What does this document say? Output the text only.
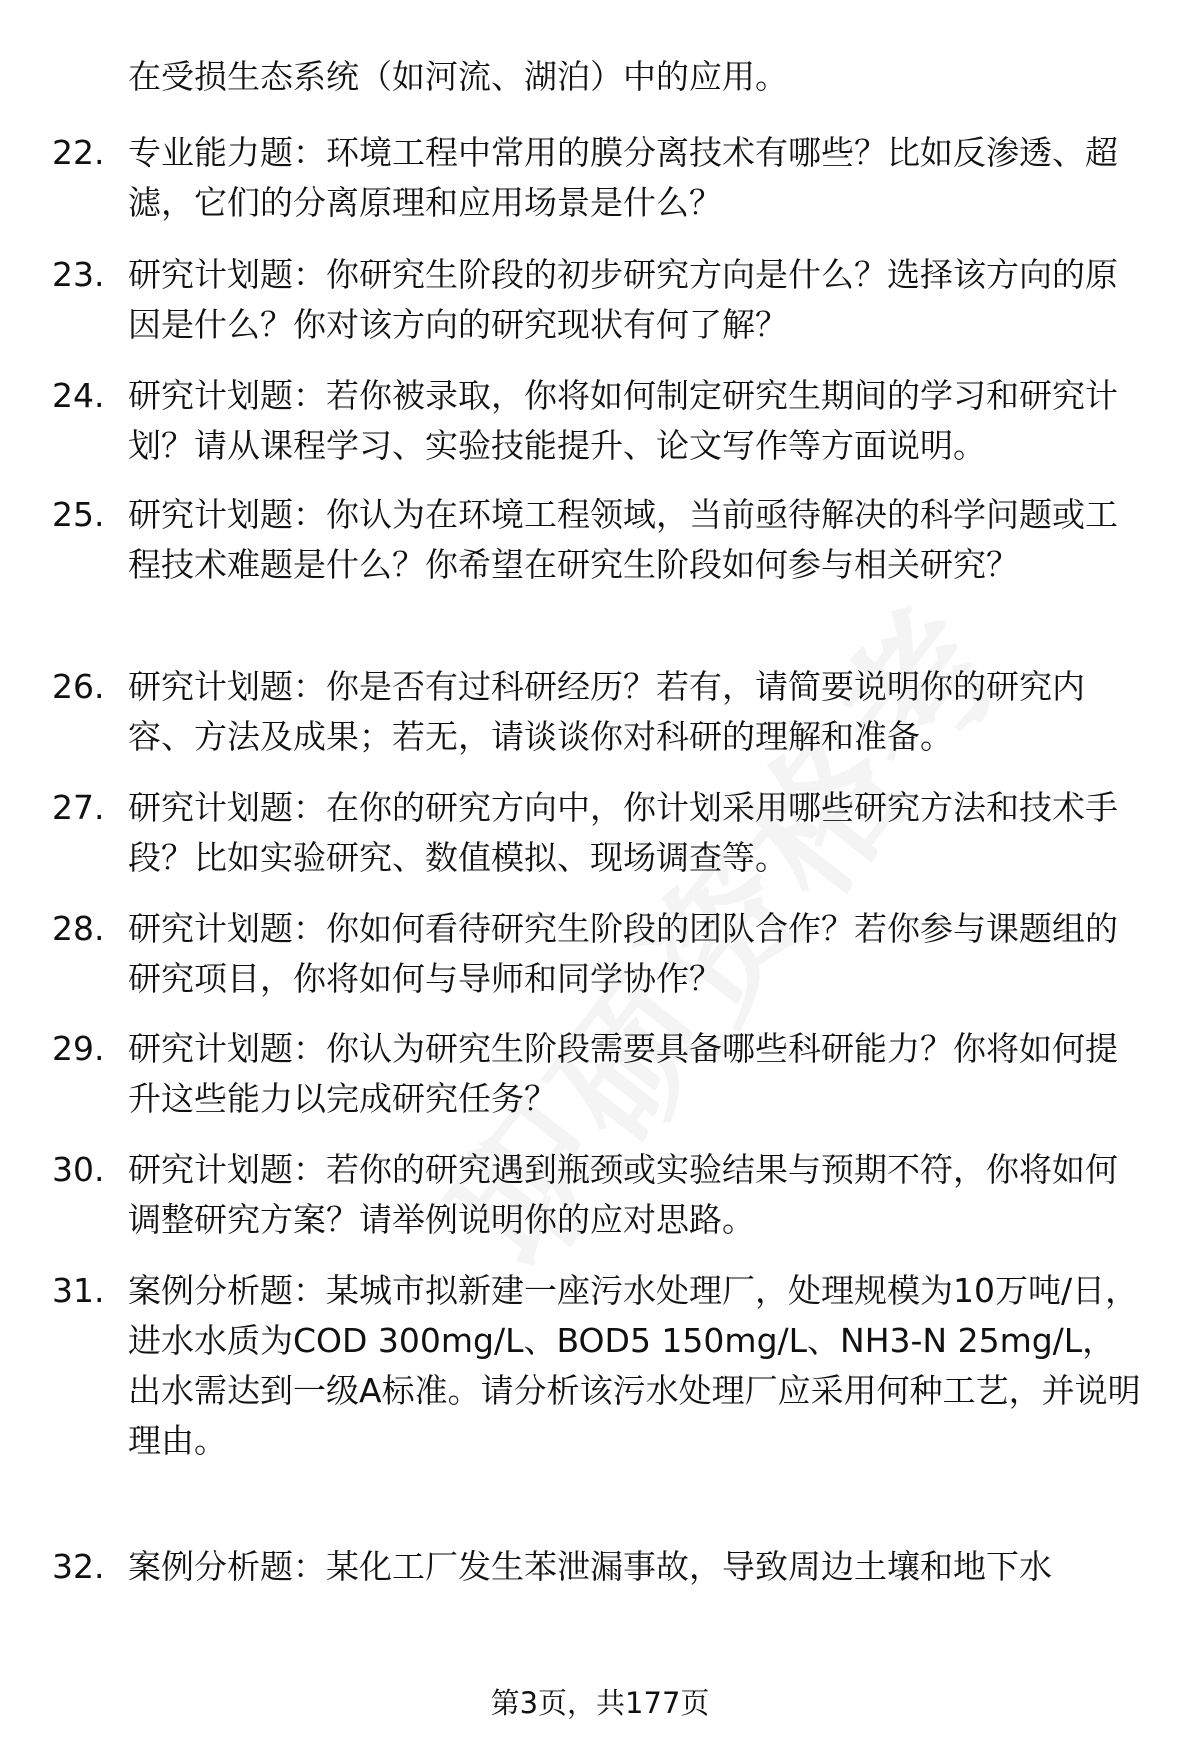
在受损生态系统（如河流、湖泊）中的应用。
22. 专业能力题：环境工程中常用的膜分离技术有哪些？比如反渗透、超滤，它们的分离原理和应用场景是什么？
23. 研究计划题：你研究生阶段的初步研究方向是什么？选择该方向的原因是什么？你对该方向的研究现状有何了解？
24. 研究计划题：若你被录取，你将如何制定研究生期间的学习和研究计划？请从课程学习、实验技能提升、论文写作等方面说明。
25. 研究计划题：你认为在环境工程领域，当前亟待解决的科学问题或工程技术难题是什么？你希望在研究生阶段如何参与相关研究？
26. 研究计划题：你是否有过科研经历？若有，请简要说明你的研究内容、方法及成果；若无，请谈谈你对科研的理解和准备。
27. 研究计划题：在你的研究方向中，你计划采用哪些研究方法和技术手段？比如实验研究、数值模拟、现场调查等。
28. 研究计划题：你如何看待研究生阶段的团队合作？若你参与课题组的研究项目，你将如何与导师和同学协作？
29. 研究计划题：你认为研究生阶段需要具备哪些科研能力？你将如何提升这些能力以完成研究任务？
30. 研究计划题：若你的研究遇到瓶颈或实验结果与预期不符，你将如何调整研究方案？请举例说明你的应对思路。
31. 案例分析题：某城市拟新建一座污水处理厂，处理规模为10万吨/日，进水水质为COD 300mg/L、BOD5 150mg/L、NH3-N 25mg/L，出水需达到一级A标准。请分析该污水处理厂应采用何种工艺，并说明理由。
32. 案例分析题：某化工厂发生苯泄漏事故，导致周边土壤和地下水
第3页，共177页
